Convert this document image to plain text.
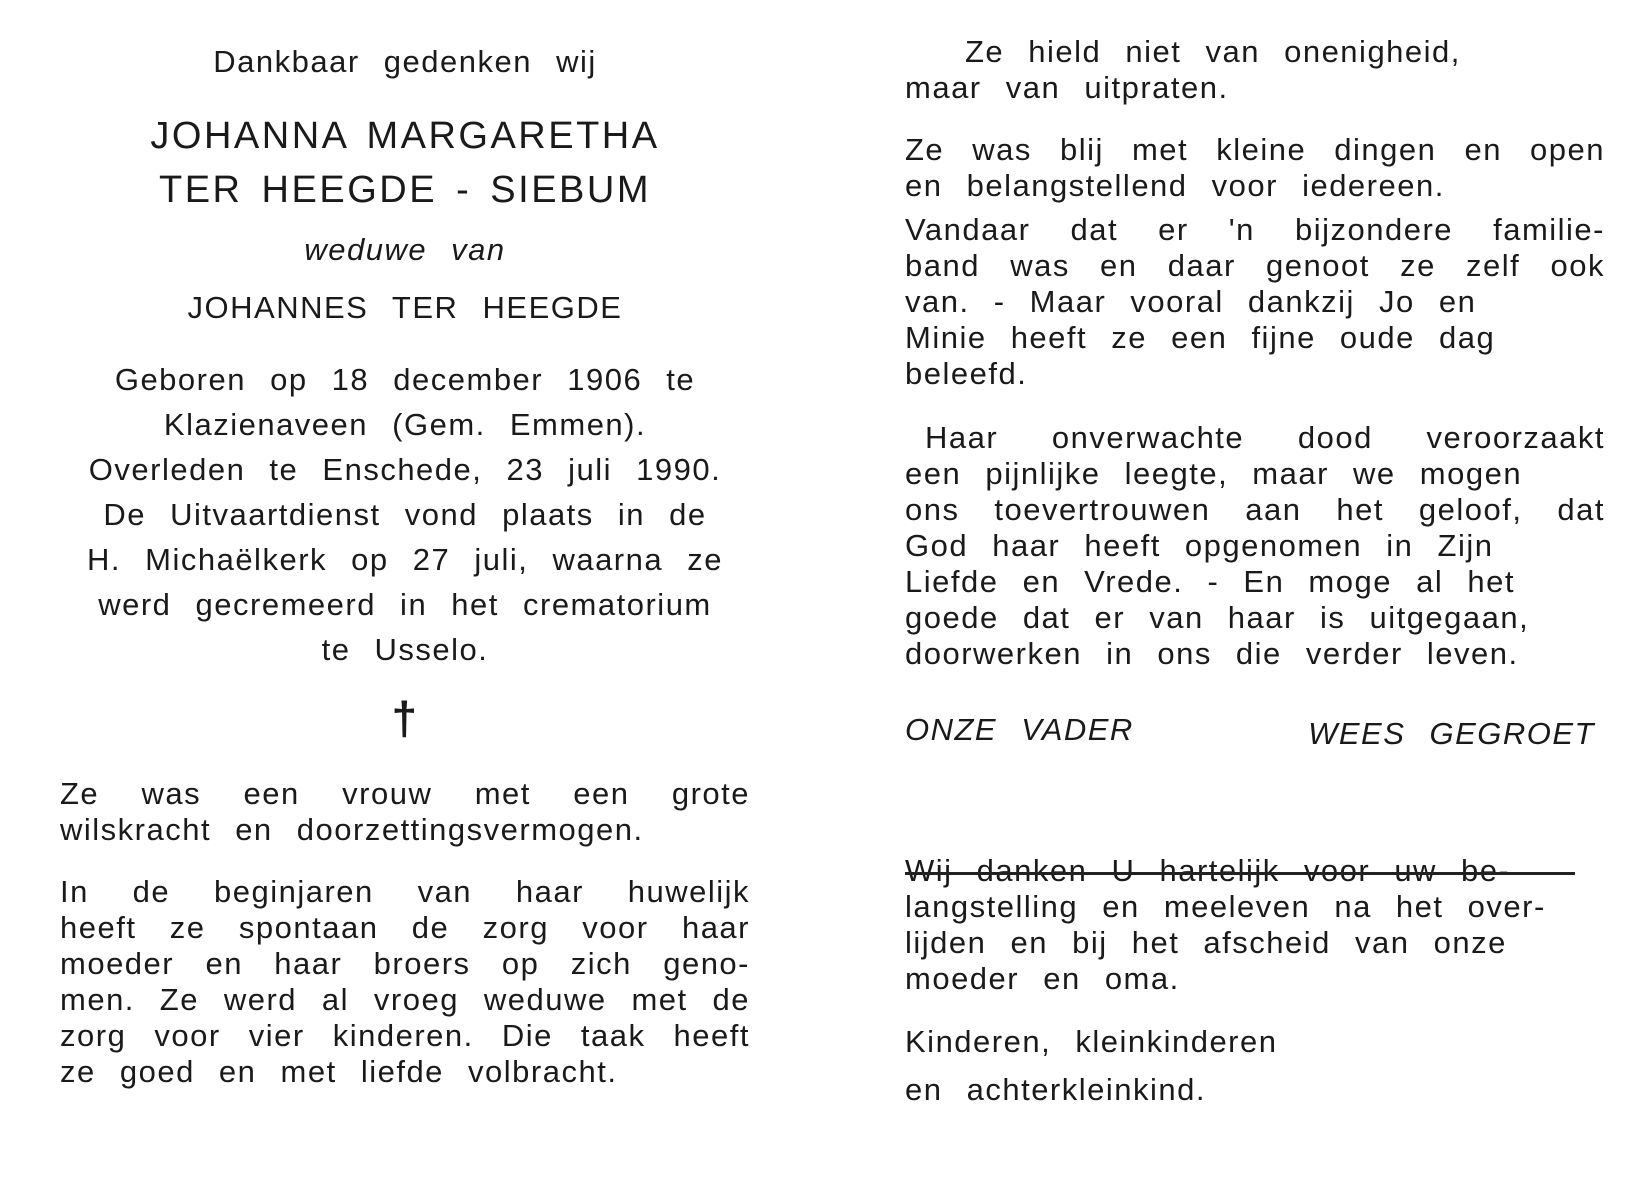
Dankbaar gedenken wij
JOHANNA MARGARETHA
TER HEEGDE - SIEBUM
weduwe van
JOHANNES TER HEEGDE
Geboren op 18 december 1906 te
Klazienaveen (Gem. Emmen).
Overleden te Enschede, 23 juli 1990.
De Uitvaartdienst vond plaats in de
H. Michaëlkerk op 27 juli, waarna ze
werd gecremeerd in het crematorium
te Usselo.
†
Ze was een vrouw met een grote
wilskracht en doorzettingsvermogen.
In de beginjaren van haar huwelijk
heeft ze spontaan de zorg voor haar
moeder en haar broers op zich geno-
men. Ze werd al vroeg weduwe met de
zorg voor vier kinderen. Die taak heeft
ze goed en met liefde volbracht.
Ze hield niet van onenigheid,
maar van uitpraten.
Ze was blij met kleine dingen en open
en belangstellend voor iedereen.
Vandaar dat er 'n bijzondere familie-
band was en daar genoot ze zelf ook
van. - Maar vooral dankzij Jo en
Minie heeft ze een fijne oude dag
beleefd.
Haar onverwachte dood veroorzaakt
een pijnlijke leegte, maar we mogen
ons toevertrouwen aan het geloof, dat
God haar heeft opgenomen in Zijn
Liefde en Vrede. - En moge al het
goede dat er van haar is uitgegaan,
doorwerken in ons die verder leven.
ONZE VADER	WEES GEGROET
Wij danken U hartelijk voor uw be-
langstelling en meeleven na het over-
lijden en bij het afscheid van onze
moeder en oma.
Kinderen, kleinkinderen
en achterkleinkind.
